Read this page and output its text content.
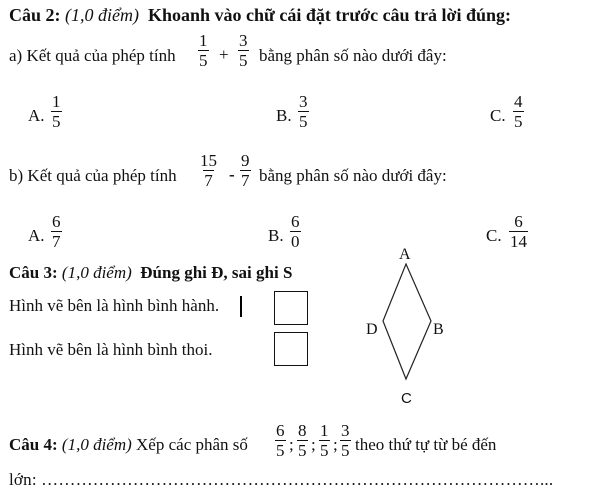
Câu 2: (1,0 điểm) Khoanh vào chữ cái đặt trước câu trả lời đúng:
a) Kết quả của phép tính $\frac{1}{5} + \frac{3}{5}$ bằng phân số nào dưới đây:
A. $\frac{1}{5}$	B. $\frac{3}{5}$	C. $\frac{4}{5}$
b) Kết quả của phép tính $\frac{15}{7} - \frac{9}{7}$ bằng phân số nào dưới đây:
A. $\frac{6}{7}$	B. $\frac{6}{0}$	C. $\frac{6}{14}$
Câu 3: (1,0 điểm) Đúng ghi Đ, sai ghi S
Hình vẽ bên là hình bình hành.
Hình vẽ bên là hình bình thoi.
A
B
C
D
Câu 4: (1,0 điểm) Xếp các phân số $\frac{6}{5}$ ; $\frac{8}{5}$ ; $\frac{1}{5}$ ; $\frac{3}{5}$ theo thứ tự từ bé đến
lớn: ……………………………………………………………………………...
